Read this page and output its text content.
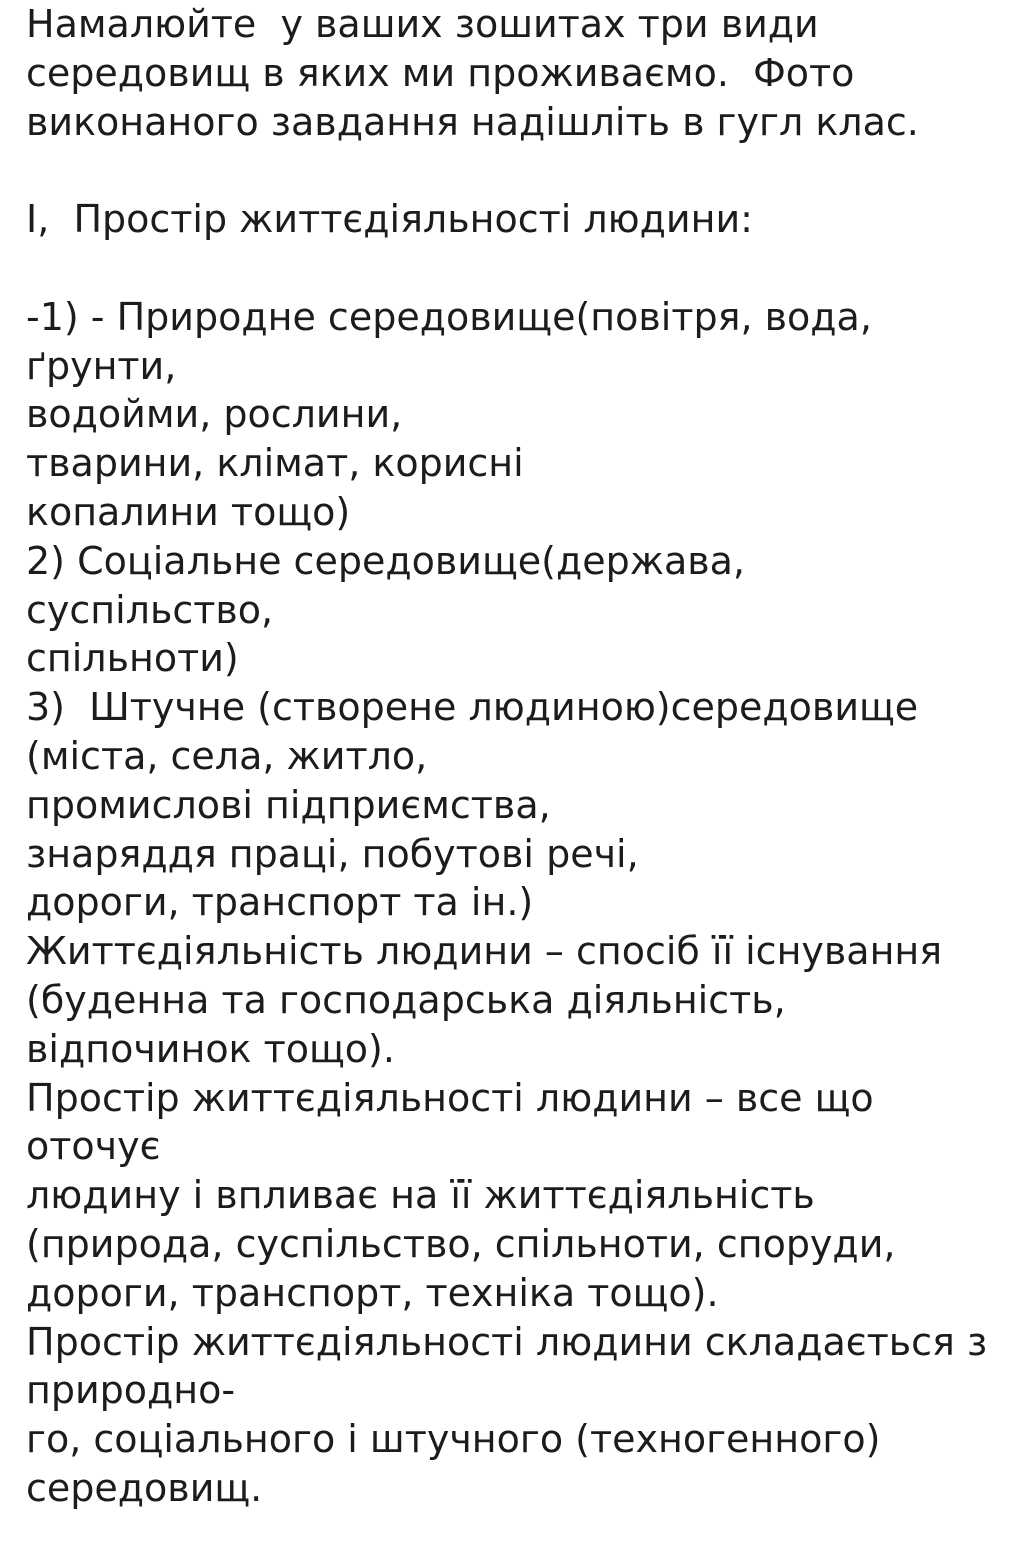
Намалюйте  у ваших зошитах три види
середовищ в яких ми проживаємо.  Фото
виконаного завдання надішліть в гугл клас.
І,  Простір життєдіяльності людини:
-1) - Природне середовище(повітря, вода,
ґрунти,
водойми, рослини,
тварини, клімат, корисні
копалини тощо)
2) Соціальне середовище(держава,
суспільство,
спільноти)
3)  Штучне (створене людиною)середовище
(міста, села, житло,
промислові підприємства,
знаряддя праці, побутові речі,
дороги, транспорт та ін.)
Життєдіяльність людини – спосіб її існування
(буденна та господарська діяльність,
відпочинок тощо).
Простір життєдіяльності людини – все що
оточує
людину і впливає на її життєдіяльність
(природа, суспільство, спільноти, споруди,
дороги, транспорт, техніка тощо).
Простір життєдіяльності людини складається з
природно-
го, соціального і штучного (техногенного)
середовищ.
